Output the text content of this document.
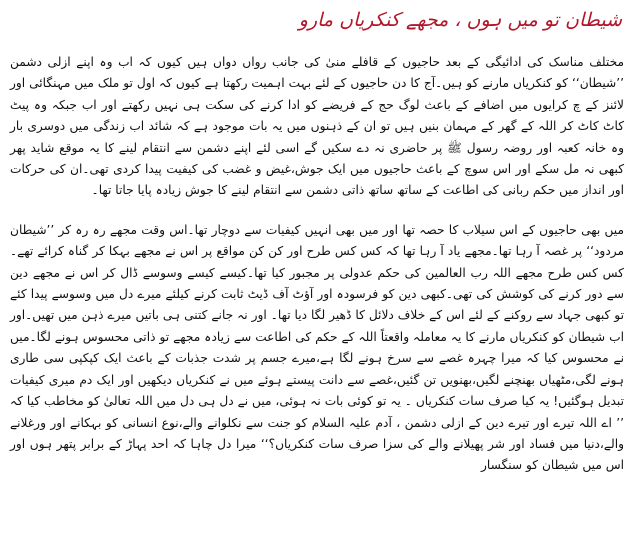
شیطان تو میں ہوں ، مجھے کنکریاں مارو

مختلف مناسک کی ادائیگی کے بعد حاجیوں کے قافلے منیٰ کی جانب رواں دواں ہیں کیوں کہ اب وہ اپنے ازلی دشمن ’’شیطان‘‘ کو کنکریاں مارنے کو ہیں۔آج کا دن حاجیوں کے لئے بہت اہمیت رکھتا ہے کیوں کہ اول تو ملک میں مہنگائی اور لائنز کے چ کرایوں میں اضافے کے باعث لوگ حج کے فریضے کو ادا کرنے کی سکت ہی نہیں رکھتے اور اب جبکہ وہ پیٹ کاٹ کاٹ کر اللہ کے گھر کے مہمان بنیں ہیں تو ان کے ذہنوں میں یہ بات موجود ہے کہ شائد اب زندگی میں دوسری بار وہ خانہ کعبہ اور روضہ رسول ﷺ پر حاضری نہ دے سکیں گے اسی لئے اپنے دشمن سے انتقام لینے کا یہ موقع شاید پھر کبھی نہ مل سکے اور اس سوچ کے باعث حاجیوں میں ایک جوش،غیض و غضب کی کیفیت پیدا کردی تھی۔ان کی حرکات اور انداز میں حکم ربانی کی اطاعت کے ساتھ ساتھ ذاتی دشمن سے انتقام لینے کا جوش زیادہ پایا جاتا تھا۔

میں بھی حاجیوں کے اس سیلاب کا حصہ تھا اور میں بھی انہیں کیفیات سے دوچار تھا۔اس وقت مجھے رہ رہ کر ’’شیطان مردود‘‘ پر غصہ آ رہا تھا۔مجھے یاد آ رہا تھا کہ کس کس طرح اور کن کن مواقع پر اس نے مجھے بہکا کر گناہ کرائے تھے۔کس کس طرح مجھے اللہ رب العالمین کی حکم عدولی پر مجبور کیا تھا۔کیسے کیسے وسوسے ڈال کر اس نے مجھے دین سے دور کرنے کی کوشش کی تھی۔کبھی دین کو فرسودہ اور آؤٹ آف ڈیٹ ثابت کرنے کیلئے میرے دل میں وسوسے پیدا کئے تو کبھی جہاد سے روکنے کے لئے اس کے خلاف دلائل کا ڈھیر لگا دیا تھا۔ اور نہ جانے کتنی ہی باتیں میرے ذہن میں تھیں۔اور اب شیطان کو کنکریاں مارنے کا یہ معاملہ واقعتاً اللہ کے حکم کی اطاعت سے زیادہ مجھے تو ذاتی محسوس ہونے لگا۔میں نے محسوس کیا کہ میرا چہرہ غصے سے سرخ ہونے لگا ہے،میرے جسم پر شدت جذبات کے باعث ایک کپکپی سی طاری ہونے لگی،مٹھیاں بھنچنے لگیں،بھنویں تن گئیں،غصے سے دانت پیستے ہوئے میں نے کنکریاں دیکھیں اور ایک دم میری کیفیات تبدیل ہوگئیں! یہ کیا صرف سات کنکریاں ۔ یہ تو کوئی بات نہ ہوئی، میں نے دل ہی دل میں اللہ تعالیٰ کو مخاطب کیا کہ ’’ اے اللہ تیرے اور تیرے دین کے ازلی دشمن ، آدم علیہ السلام کو جنت سے نکلوانے والے،نوع انسانی کو بہکانے اور ورغلانے والے،دنیا میں فساد اور شر پھیلانے والے کی سزا صرف سات کنکریاں؟‘‘ میرا دل چاہا کہ احد پہاڑ کے برابر پتھر ہوں اور اس میں شیطان کو سنگسار
